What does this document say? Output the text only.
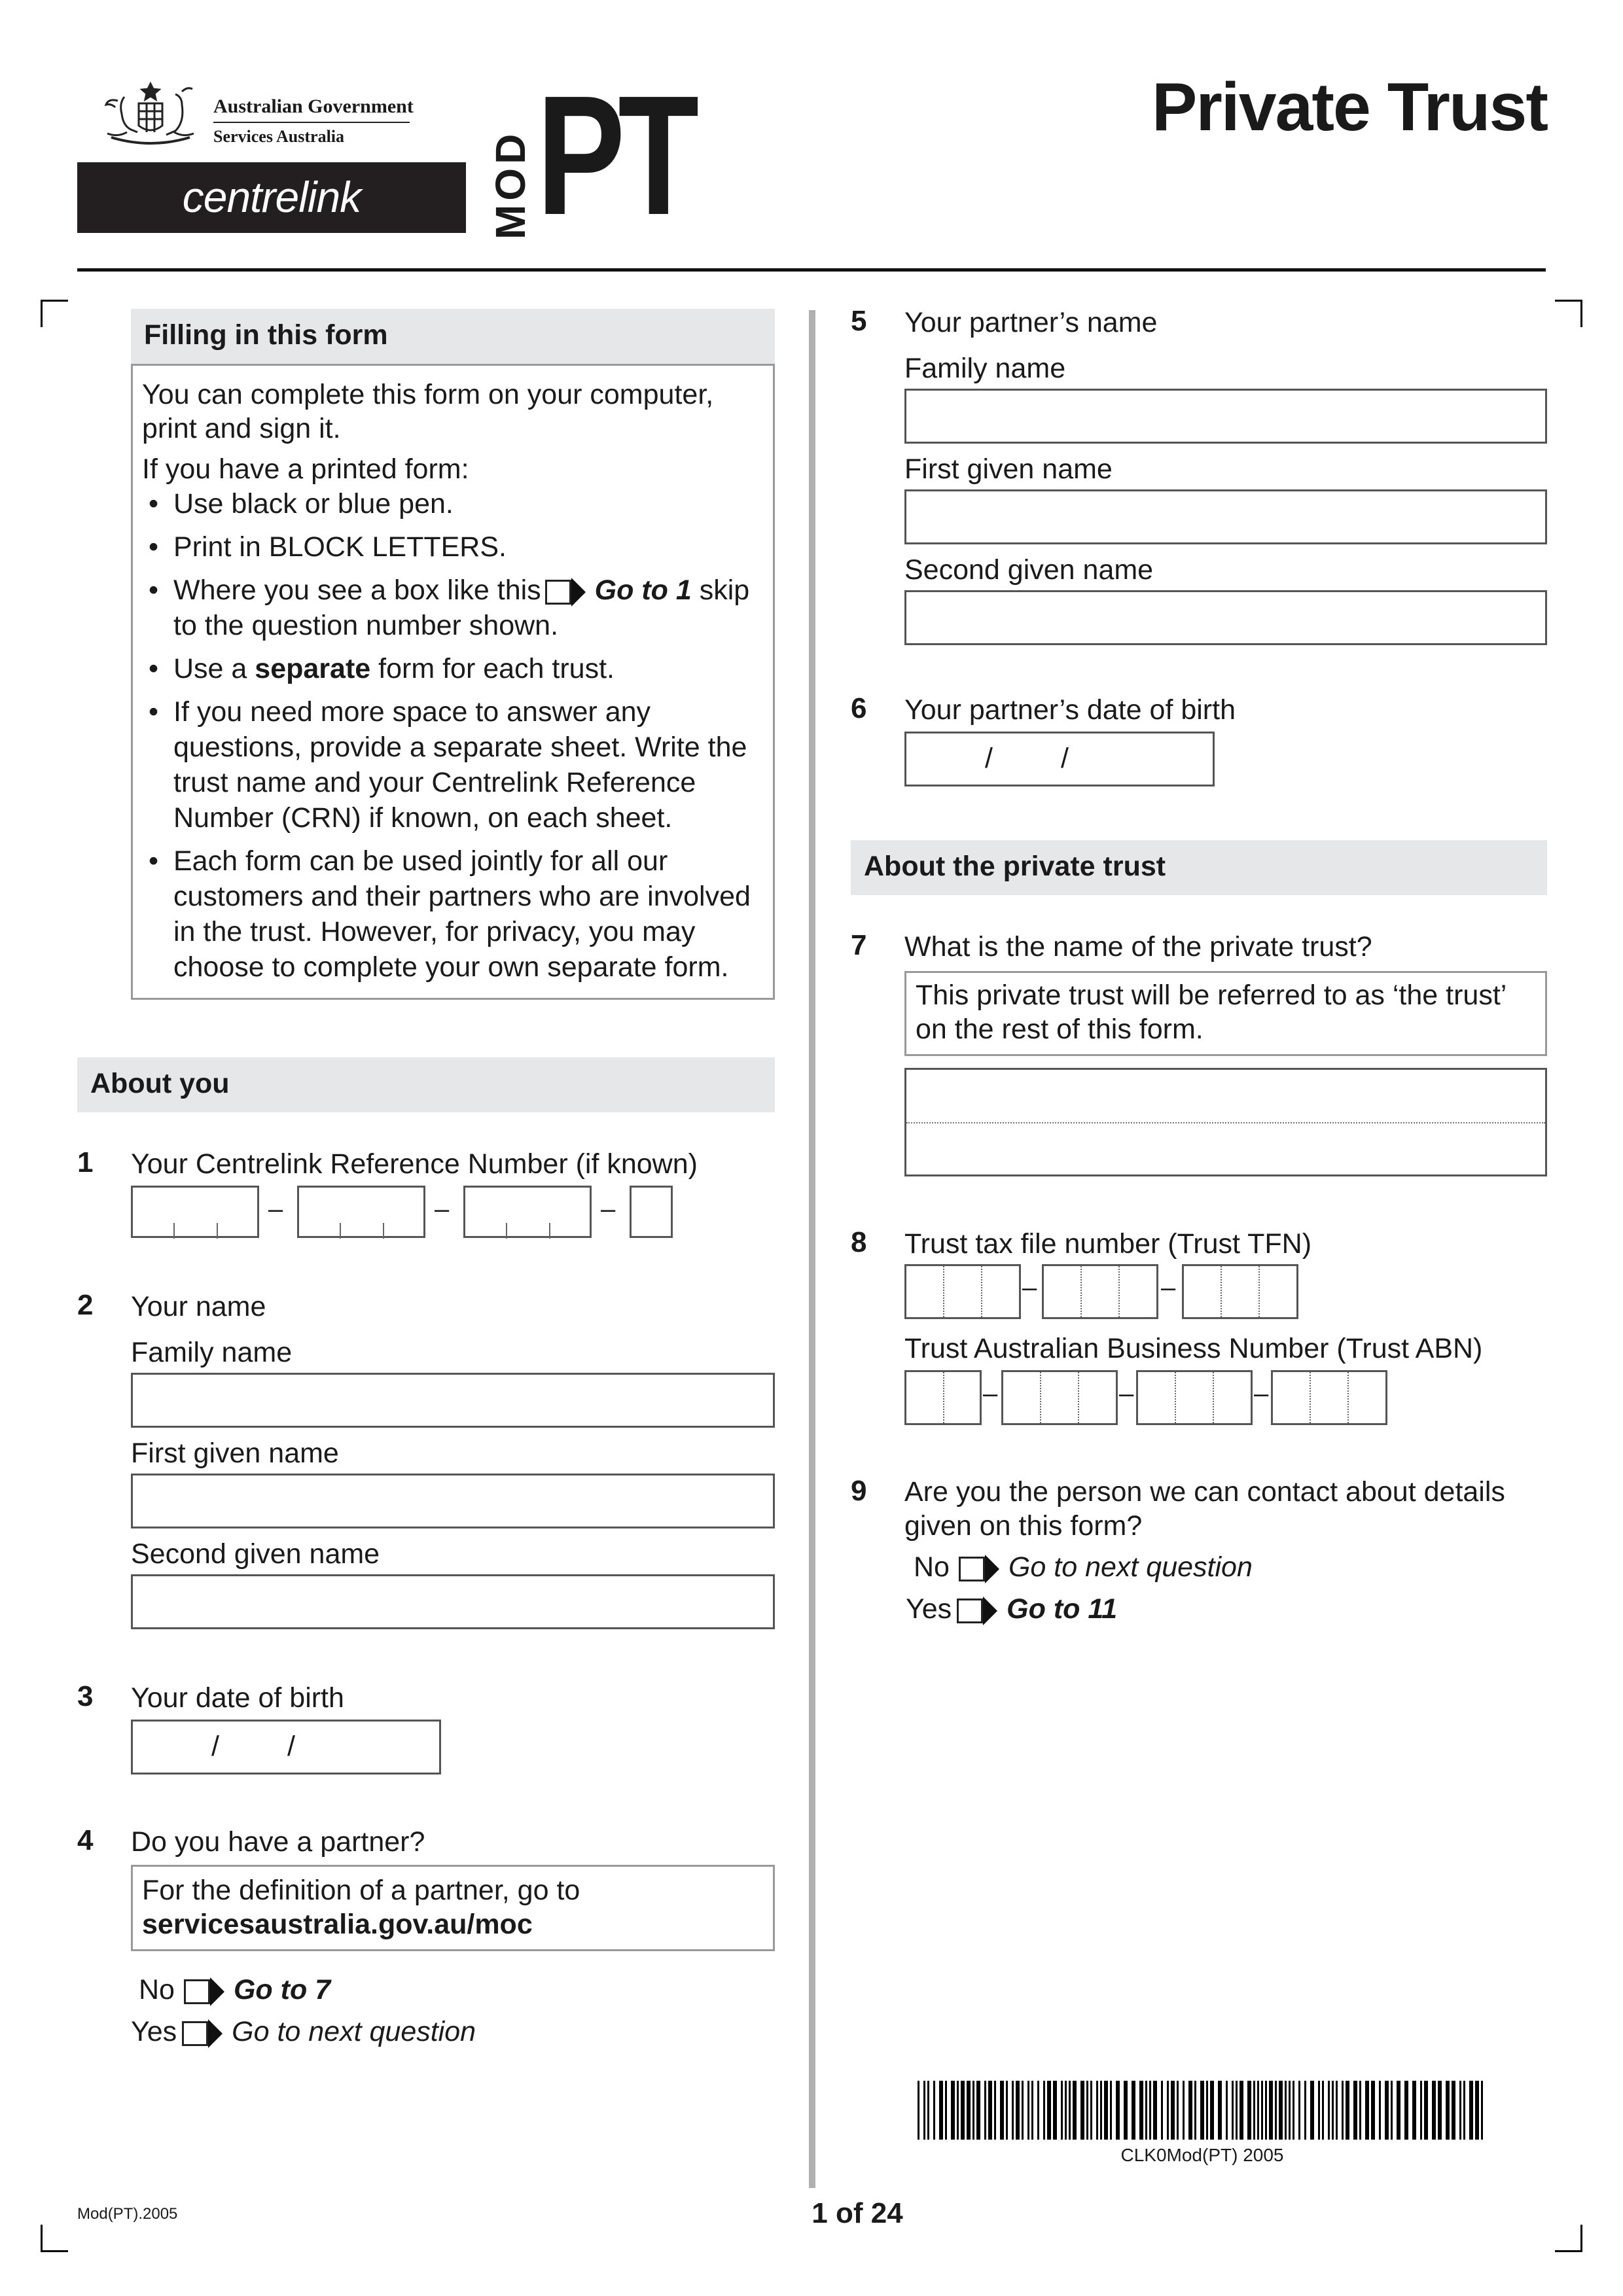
Australian Government
Services Australia
centrelink	MOD PT	Private Trust
Filling in this form
You can complete this form on your computer, print and sign it.
If you have a printed form:
• Use black or blue pen.
• Print in BLOCK LETTERS.
• Where you see a box like this Go to 1 skip to the question number shown.
• Use a separate form for each trust.
• If you need more space to answer any questions, provide a separate sheet. Write the trust name and your Centrelink Reference Number (CRN) if known, on each sheet.
• Each form can be used jointly for all our customers and their partners who are involved in the trust. However, for privacy, you may choose to complete your own separate form.
About you
1 Your Centrelink Reference Number (if known)
–	–	–
2 Your name
Family name
First given name
Second given name
3 Your date of birth
/ /
4 Do you have a partner?
For the definition of a partner, go to
servicesaustralia.gov.au/moc
No Go to 7
Yes Go to next question
5 Your partner’s name
Family name
First given name
Second given name
6 Your partner’s date of birth
/ /
About the private trust
7 What is the name of the private trust?
This private trust will be referred to as ‘the trust’ on the rest of this form.
8 Trust tax file number (Trust TFN)
–	–
Trust Australian Business Number (Trust ABN)
–	–	–
9 Are you the person we can contact about details given on this form?
No Go to next question
Yes Go to 11
CLK0Mod(PT) 2005
Mod(PT).2005	1 of 24
